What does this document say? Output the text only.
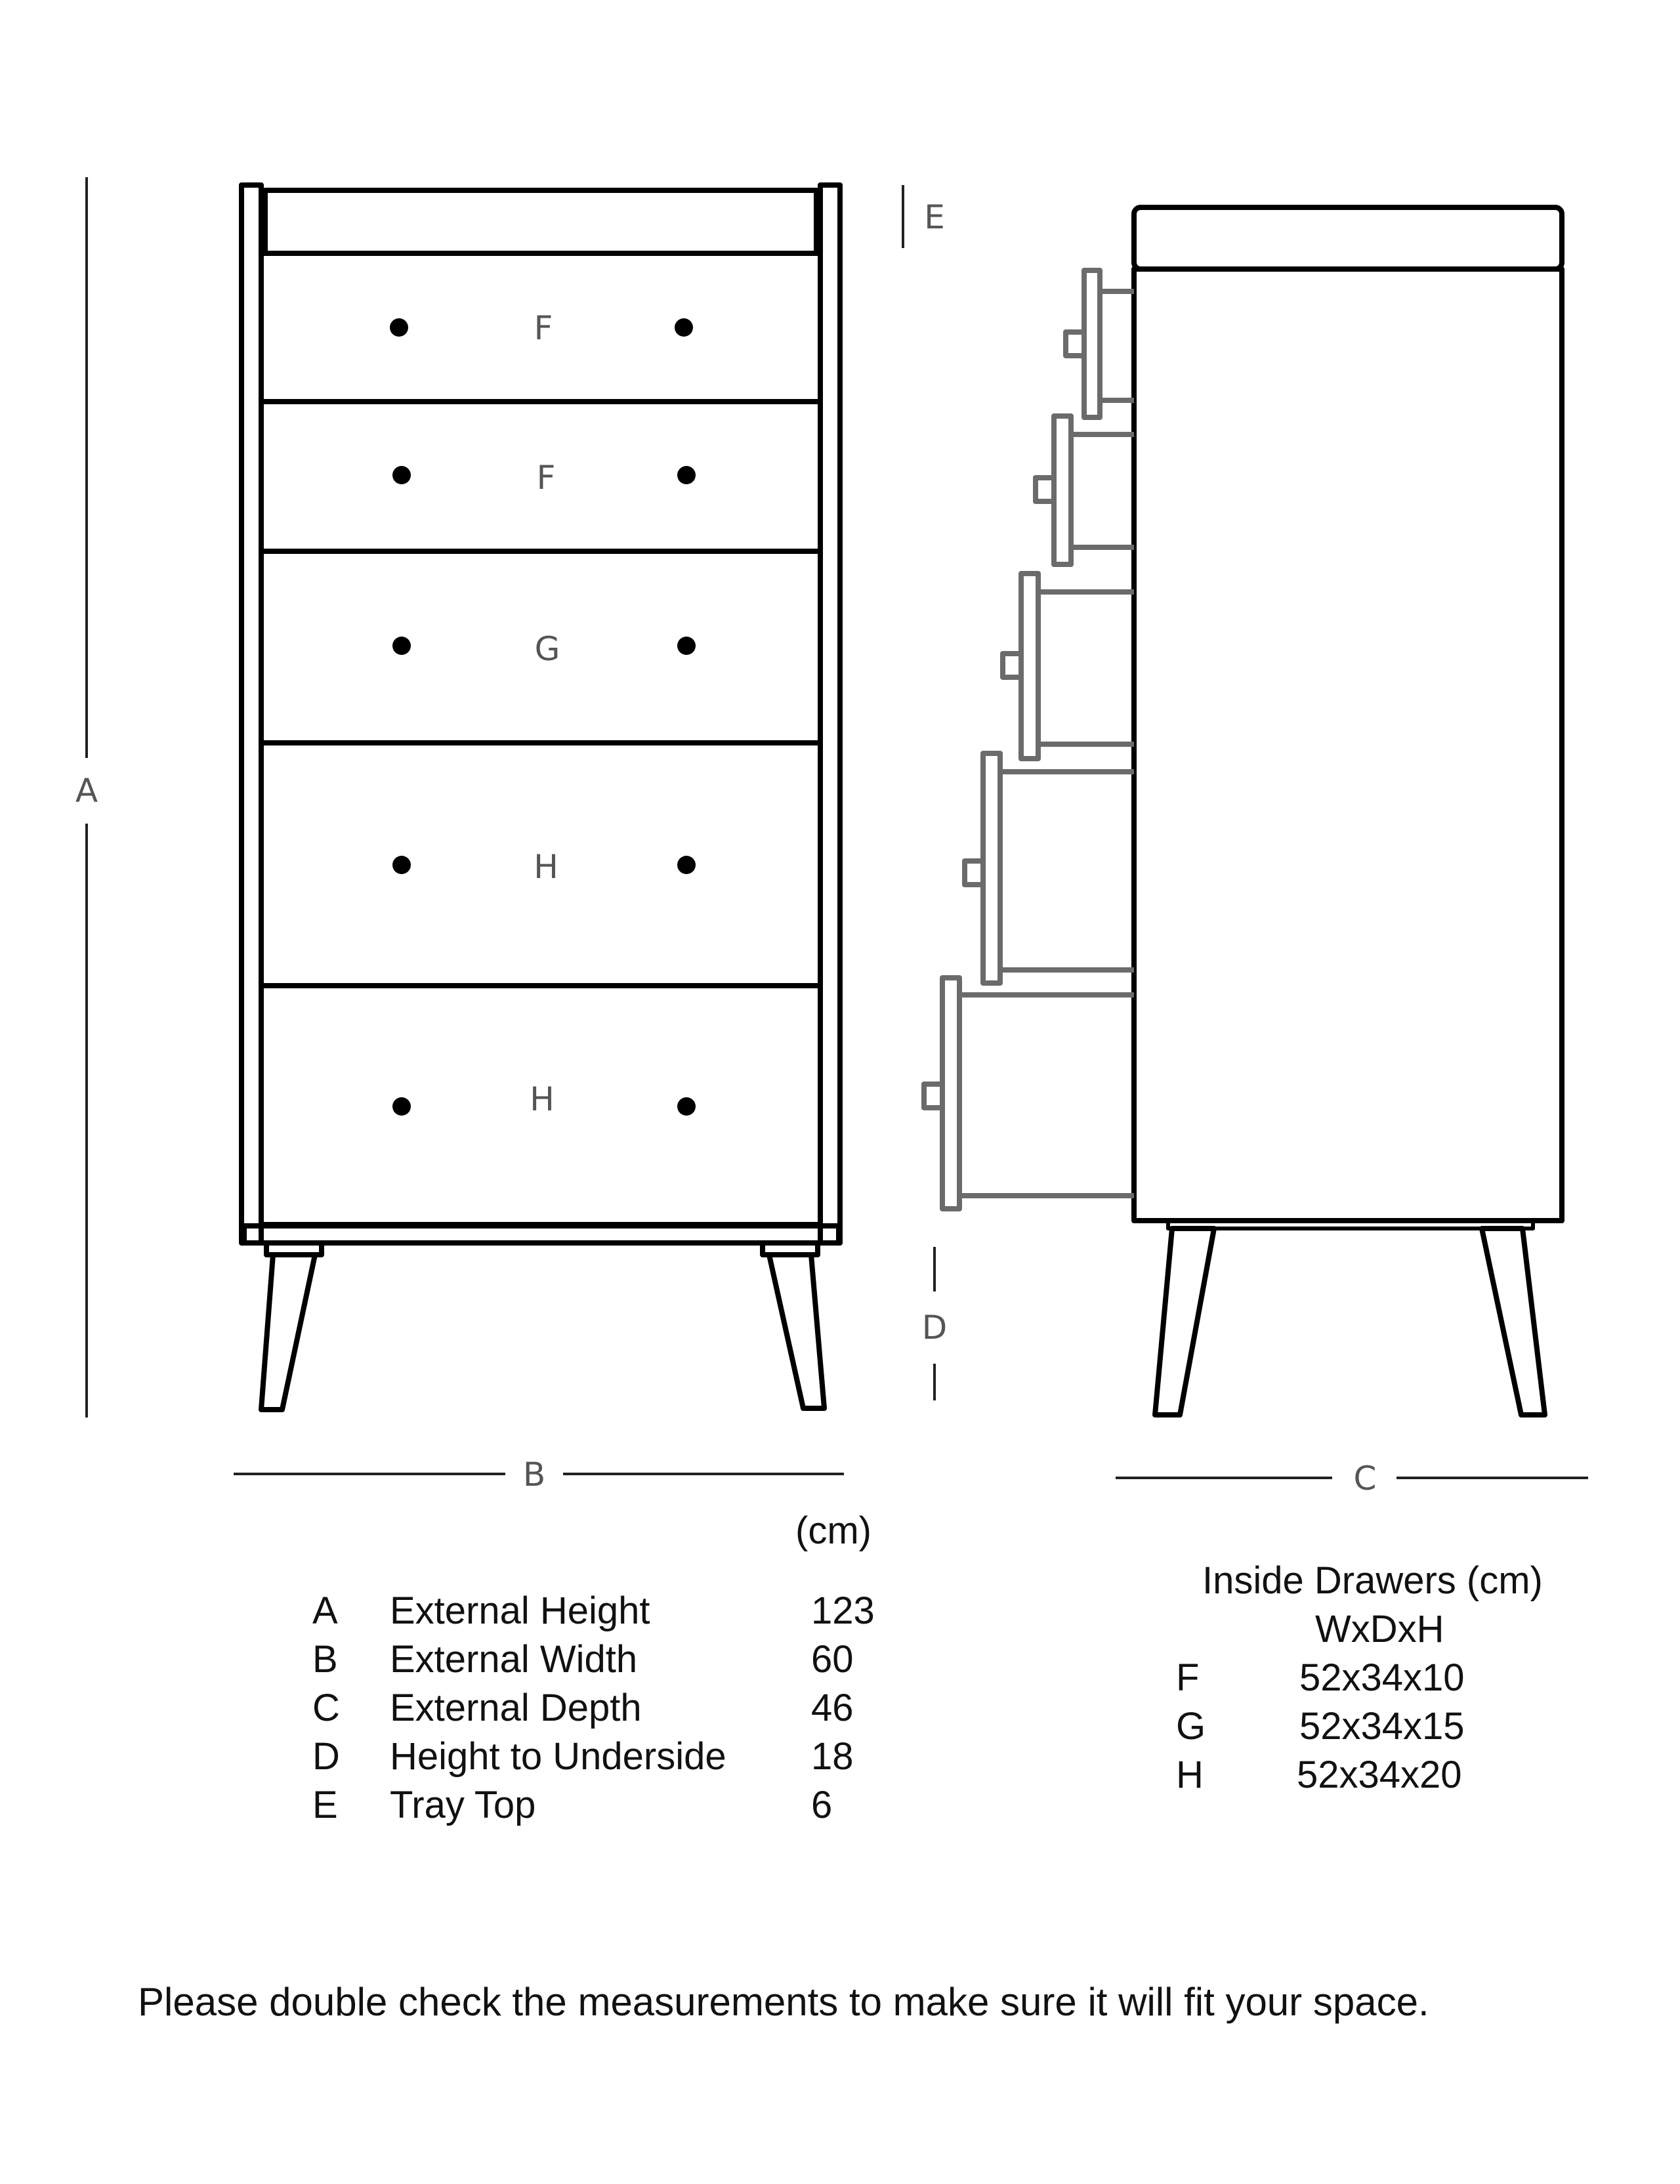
A
F
F
G
H
H
E
D
B	C
(cm)
A External Height	123
B External Width	60
C External Depth	46
D Height to Underside 18
E Tray Top	6
Inside Drawers (cm)
WxDxH
F	52x34x10
G 52x34x15
H 52x34x20
Please double check the measurements to make sure it will fit your space.
